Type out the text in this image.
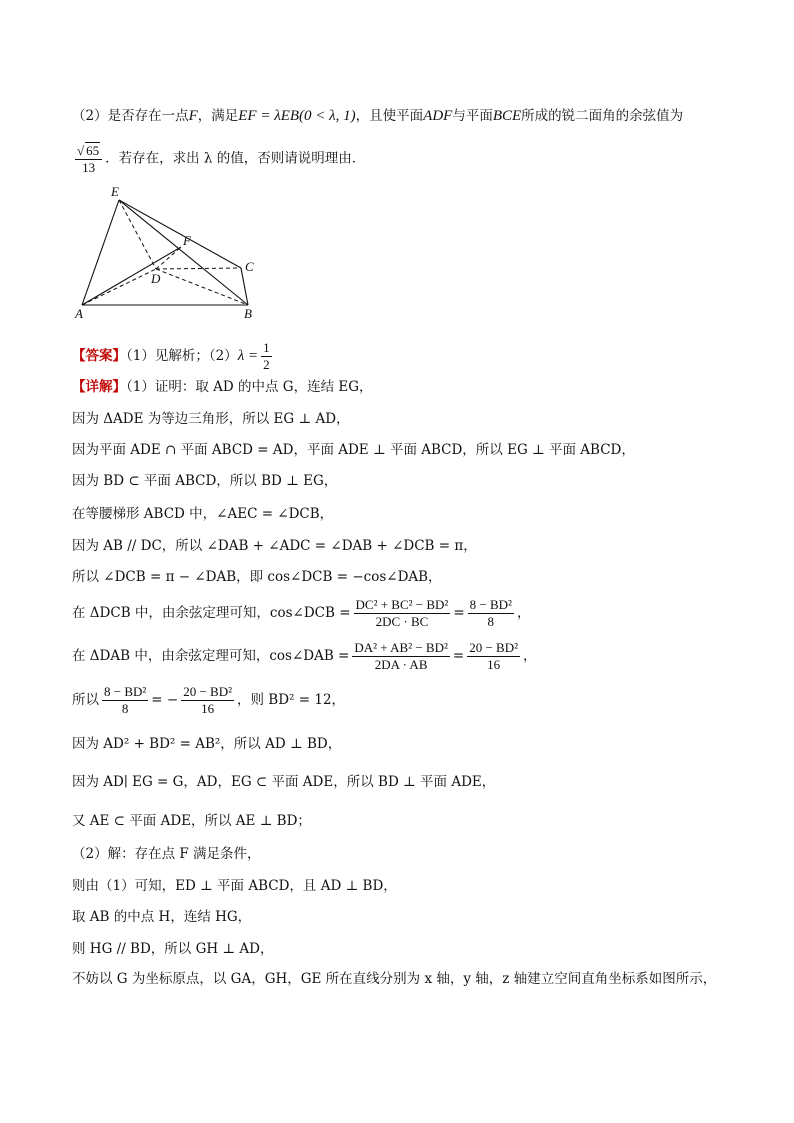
（2）是否存在一点F，满足EF = λEB(0 < λ, 1)，且使平面ADF与平面BCE所成的锐二面角的余弦值为
$\frac{√ 65}{13}$ ．若存在，求出 λ 的值，否则请说明理由．
E
F
C
D
A	B
【答案】（1）见解析；$(2)\lambda = \frac{1}{2}$
【详解】（1）证明：取 AD 的中点 G，连结 EG，
因为 ΔADE 为等边三角形，所以 EG ⊥ AD，
因为平面 ADE ∩ 平面 ABCD = AD，平面 ADE ⊥ 平面 ABCD，所以 EG ⊥ 平面 ABCD，
因为 BD ⊂ 平面 ABCD，所以 BD ⊥ EG，
在等腰梯形 ABCD 中，∠AEC = ∠DCB，
因为 AB // DC，所以 ∠DAB + ∠ADC = ∠DAB + ∠DCB = π，
所以 ∠DCB = π − ∠DAB，即 cos∠DCB = −cos∠DAB，
在 ΔDCB 中，由余弦定理可知，cos∠DCB = $\frac{\text{DC² + BC² − BD²}}{2DC \cdot BC} = \frac{\text{8 − BD²}}{8}$ ，
在 ΔDAB 中，由余弦定理可知，cos∠DAB = $\frac{\text{DA² + AB² − BD²}}{2DA \cdot AB} = \frac{\text{20 − BD²}}{16}$ ，
所以 $\frac{\text{8 − BD²}}{8}$ = − $\frac{\text{20 − BD²}}{16}$ ，则 BD² = 12，
因为 AD² + BD² = AB²，所以 AD ⊥ BD，
因为 AD∣ EG = G，AD，EG ⊂ 平面 ADE，所以 BD ⊥ 平面 ADE，
又 AE ⊂ 平面 ADE，所以 AE ⊥ BD；
（2）解：存在点 F 满足条件，
则由（1）可知，ED ⊥ 平面 ABCD，且 AD ⊥ BD，
取 AB 的中点 H，连结 HG，
则 HG // BD，所以 GH ⊥ AD，
不妨以 G 为坐标原点，以 GA，GH，GE 所在直线分别为 x 轴，y 轴，z 轴建立空间直角坐标系如图所示，
